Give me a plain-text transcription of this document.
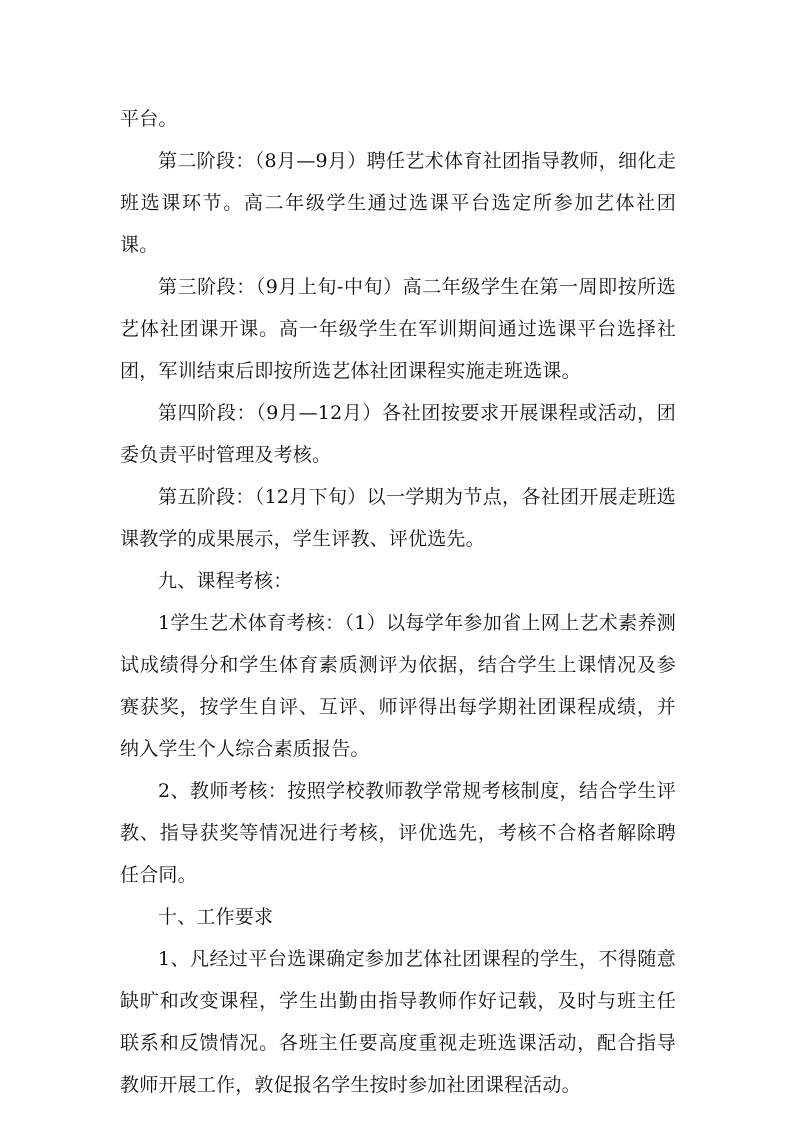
平台。

第二阶段：（8月—9月）聘任艺术体育社团指导教师，细化走班选课环节。高二年级学生通过选课平台选定所参加艺体社团课。

第三阶段：（9月上旬-中旬）高二年级学生在第一周即按所选艺体社团课开课。高一年级学生在军训期间通过选课平台选择社团，军训结束后即按所选艺体社团课程实施走班选课。

第四阶段：（9月—12月）各社团按要求开展课程或活动，团委负责平时管理及考核。

第五阶段：（12月下旬）以一学期为节点，各社团开展走班选课教学的成果展示，学生评教、评优选先。

九、课程考核：

1学生艺术体育考核：（1）以每学年参加省上网上艺术素养测试成绩得分和学生体育素质测评为依据，结合学生上课情况及参赛获奖，按学生自评、互评、师评得出每学期社团课程成绩，并纳入学生个人综合素质报告。

2、教师考核：按照学校教师教学常规考核制度，结合学生评教、指导获奖等情况进行考核，评优选先，考核不合格者解除聘任合同。

十、工作要求

1、凡经过平台选课确定参加艺体社团课程的学生，不得随意缺旷和改变课程，学生出勤由指导教师作好记载，及时与班主任联系和反馈情况。各班主任要高度重视走班选课活动，配合指导教师开展工作，敦促报名学生按时参加社团课程活动。
